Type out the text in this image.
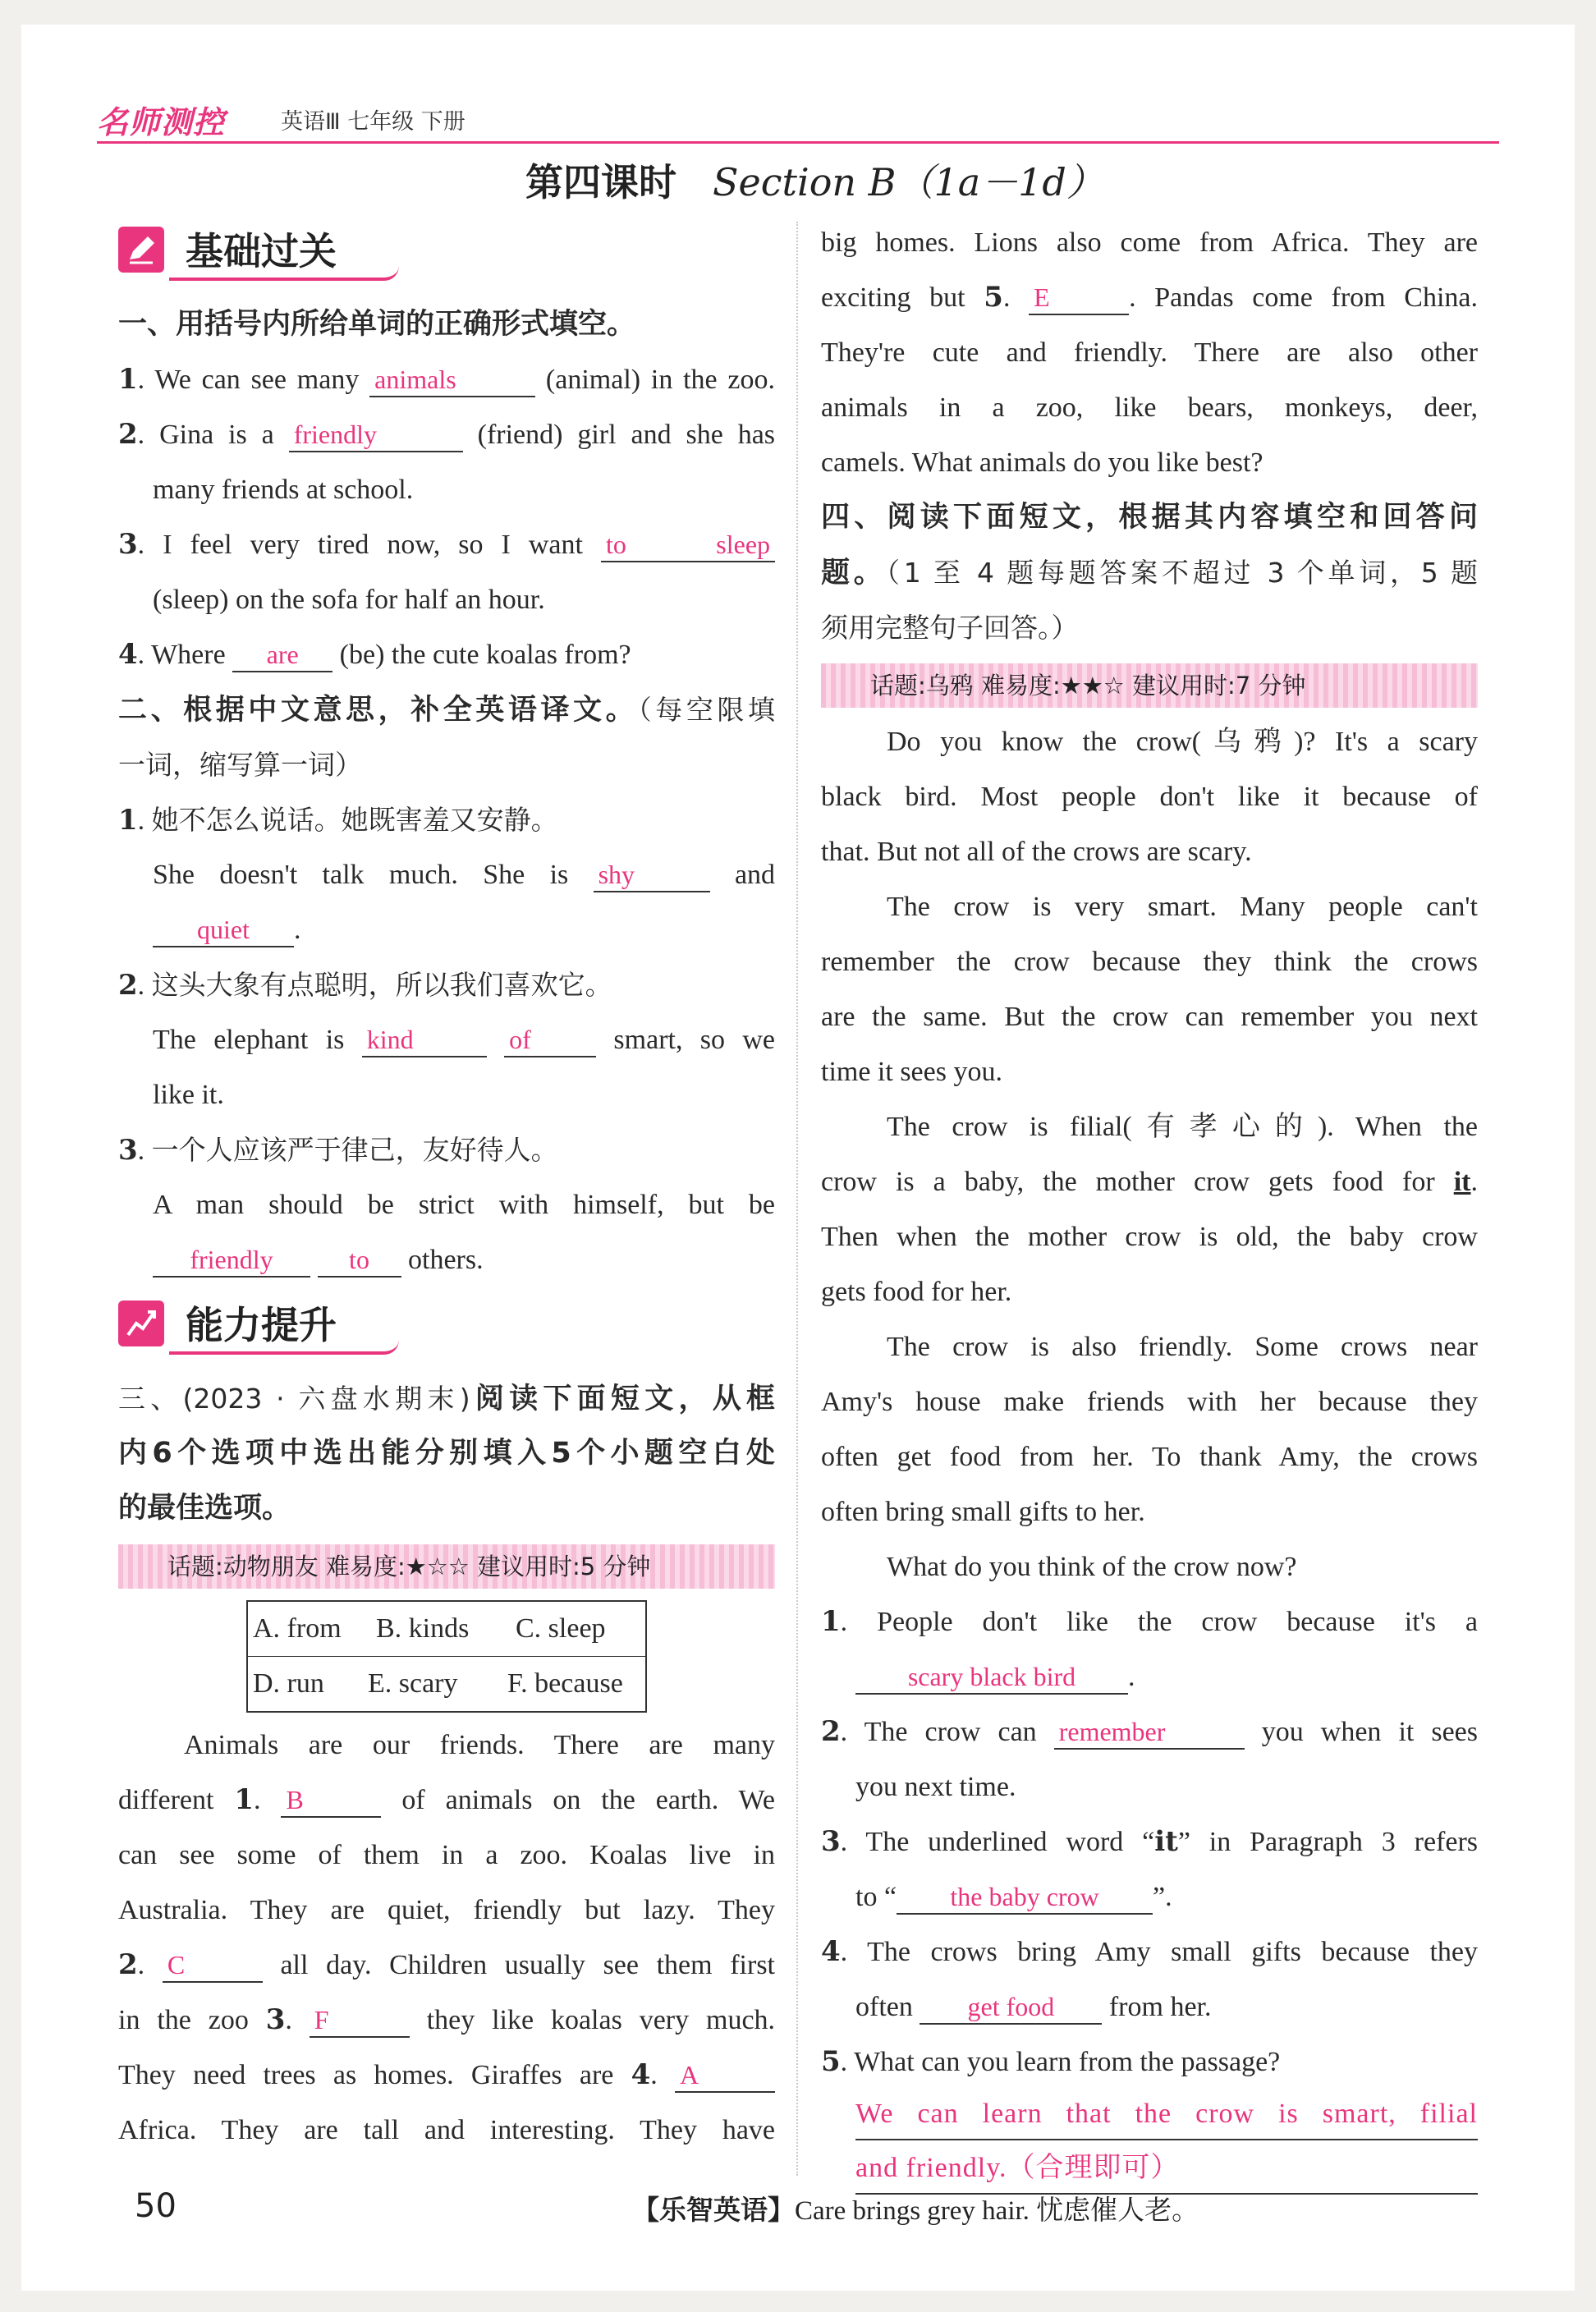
名师测控	英语Ⅲ 七年级 下册
第四课时 Section B（1a－1d）
基础过关
一、用括号内所给单词的正确形式填空。
1. We can see many animals	(animal) in the zoo.
2. Gina is a friendly	(friend) girl and she has
many friends at school.
3. I feel very tired now, so I want to sleep
(sleep) on the sofa for half an hour.
4. Where are (be) the cute koalas from?
二、根据中文意思，补全英语译文。（每空限填
一词，缩写算一词）
1. 她不怎么说话。她既害羞又安静。
She doesn't talk much. She is shy	and
quiet .
2. 这头大象有点聪明，所以我们喜欢它。
The elephant is kind	of	smart, so we
like it.
3. 一个人应该严于律己，友好待人。
A man should be strict with himself, but be
friendly	to others.
能力提升
三、(2023 · 六盘水期末)阅读下面短文，从框
内6个选项中选出能分别填入5个小题空白处
的最佳选项。
话题:动物朋友 难易度:★☆☆ 建议用时:5 分钟
A. from B. kinds C. sleep
D. run E. scary F. because
Animals are our friends. There are many
different 1. B	of animals on the earth. We
can see some of them in a zoo. Koalas live in
Australia. They are quiet, friendly but lazy. They
2. C	all day. Children usually see them first
in the zoo 3. F	they like koalas very much.
They need trees as homes. Giraffes are 4. A
Africa. They are tall and interesting. They have
big homes. Lions also come from Africa. They are
exciting but 5. E	. Pandas come from China.
They're cute and friendly. There are also other
animals in a zoo, like bears, monkeys, deer,
camels. What animals do you like best?
四、阅读下面短文，根据其内容填空和回答问
题。（1 至 4 题每题答案不超过 3 个单词，5 题
须用完整句子回答。）
话题:乌鸦 难易度:★★☆ 建议用时:7 分钟
Do you know the crow(乌鸦)? It's a scary
black bird. Most people don't like it because of
that. But not all of the crows are scary.
The crow is very smart. Many people can't
remember the crow because they think the crows
are the same. But the crow can remember you next
time it sees you.
The crow is filial(有孝心的). When the
crow is a baby, the mother crow gets food for it.
Then when the mother crow is old, the baby crow
gets food for her.
The crow is also friendly. Some crows near
Amy's house make friends with her because they
often get food from her. To thank Amy, the crows
often bring small gifts to her.
What do you think of the crow now?
1. People don't like the crow because it's a
scary black bird .
2. The crow can remember	you when it sees
you next time.
3. The underlined word “it” in Paragraph 3 refers
to “ the baby crow ”.
4. The crows bring Amy small gifts because they
often get food from her.
5. What can you learn from the passage?
We can learn that the crow is smart, filial
and friendly.（合理即可）
50	【乐智英语】Care brings grey hair. 忧虑催人老。
